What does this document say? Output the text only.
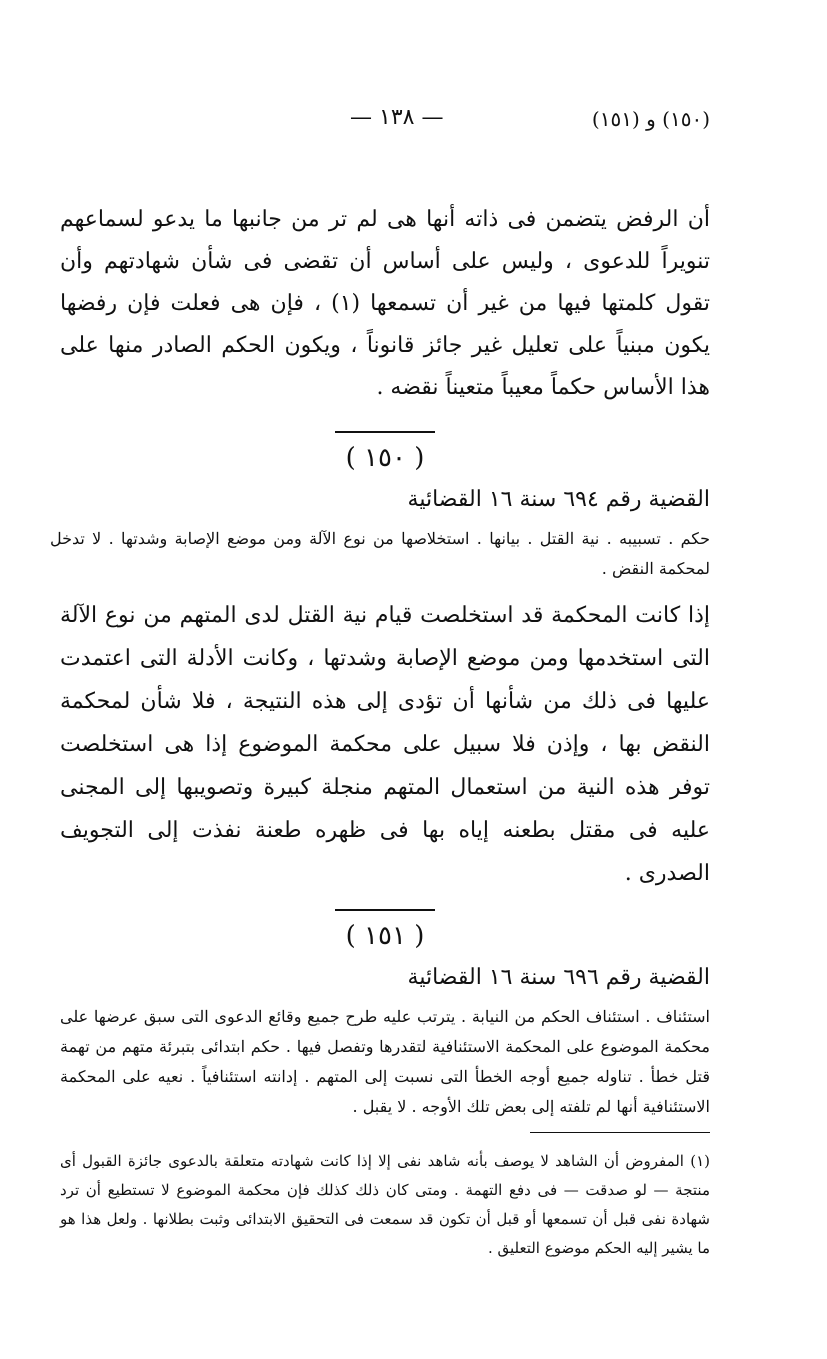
(١٥٠) و (١٥١)
— ١٣٨ —

أن الرفض يتضمن فى ذاته أنها هى لم تر من جانبها ما يدعو لسماعهم تنويراً للدعوى ، وليس على أساس أن تقضى فى شأن شهادتهم وأن تقول كلمتها فيها من غير أن تسمعها (١) ، فإن هى فعلت فإن رفضها يكون مبنياً على تعليل غير جائز قانوناً ، ويكون الحكم الصادر منها على هذا الأساس حكماً معيباً متعيناً نقضه .

( ١٥٠ )
القضية رقم ٦٩٤ سنة ١٦ القضائية

حكم . تسبيبه . نية القتل . بيانها . استخلاصها من نوع الآلة ومن موضع الإصابة وشدتها . لا تدخل لمحكمة النقض .

إذا كانت المحكمة قد استخلصت قيام نية القتل لدى المتهم من نوع الآلة التى استخدمها ومن موضع الإصابة وشدتها ، وكانت الأدلة التى اعتمدت عليها فى ذلك من شأنها أن تؤدى إلى هذه النتيجة ، فلا شأن لمحكمة النقض بها ، وإذن فلا سبيل على محكمة الموضوع إذا هى استخلصت توفر هذه النية من استعمال المتهم منجلة كبيرة وتصويبها إلى المجنى عليه فى مقتل بطعنه إياه بها فى ظهره طعنة نفذت إلى التجويف الصدرى .

( ١٥١ )
القضية رقم ٦٩٦ سنة ١٦ القضائية

استئناف . استئناف الحكم من النيابة . يترتب عليه طرح جميع وقائع الدعوى التى سبق عرضها على محكمة الموضوع على المحكمة الاستئنافية لتقدرها وتفصل فيها . حكم ابتدائى بتبرئة متهم من تهمة قتل خطأ . تناوله جميع أوجه الخطأ التى نسبت إلى المتهم . إدانته استئنافياً . نعيه على المحكمة الاستئنافية أنها لم تلفته إلى بعض تلك الأوجه . لا يقبل .

(١) المفروض أن الشاهد لا يوصف بأنه شاهد نفى إلا إذا كانت شهادته متعلقة بالدعوى جائزة القبول أى منتجة — لو صدقت — فى دفع التهمة . ومتى كان ذلك كذلك فإن محكمة الموضوع لا تستطيع أن ترد شهادة نفى قبل أن تسمعها أو قبل أن تكون قد سمعت فى التحقيق الابتدائى وثبت بطلانها . ولعل هذا هو ما يشير إليه الحكم موضوع التعليق .
